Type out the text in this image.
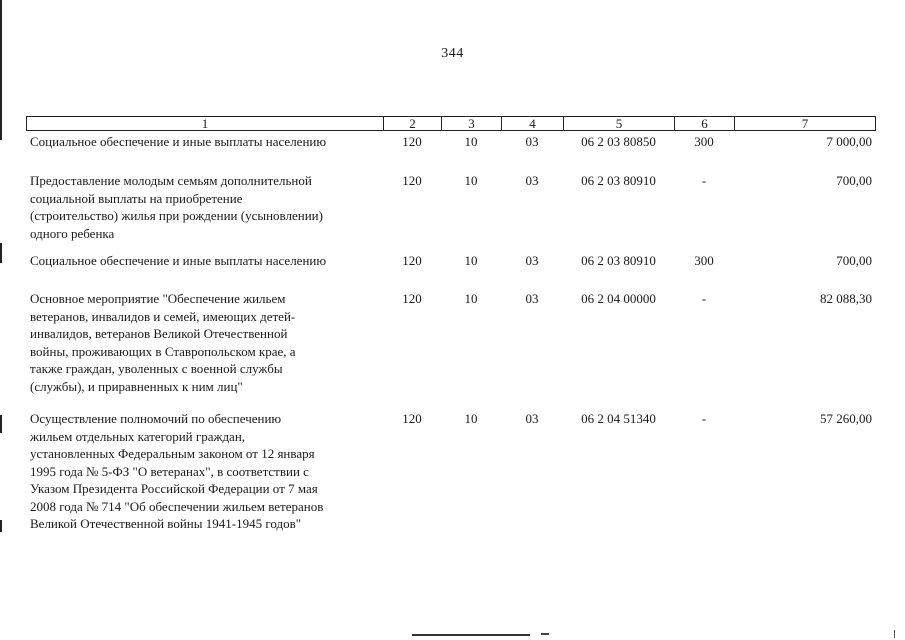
344
1	2	3	4	5	6	7
Социальное обеспечение и иные выплаты населению	120	10	03	06 2 03 80850	300	7 000,00
Предоставление молодым семьям дополнительной
социальной выплаты на приобретение
(строительство) жилья при рождении (усыновлении)
одного ребенка
120	10	03	06 2 03 80910	-	700,00
Социальное обеспечение и иные выплаты населению	120	10	03	06 2 03 80910	300	700,00
Основное мероприятие "Обеспечение жильем
ветеранов, инвалидов и семей, имеющих детей-
инвалидов, ветеранов Великой Отечественной
войны, проживающих в Ставропольском крае, а
также граждан, уволенных с военной службы
(службы), и приравненных к ним лиц"
120	10	03	06 2 04 00000	-	82 088,30
Осуществление полномочий по обеспечению
жильем отдельных категорий граждан,
установленных Федеральным законом от 12 января
1995 года № 5-ФЗ "О ветеранах", в соответствии с
Указом Президента Российской Федерации от 7 мая
2008 года № 714 "Об обеспечении жильем ветеранов
Великой Отечественной войны 1941-1945 годов"
120	10	03	06 2 04 51340	-	57 260,00
